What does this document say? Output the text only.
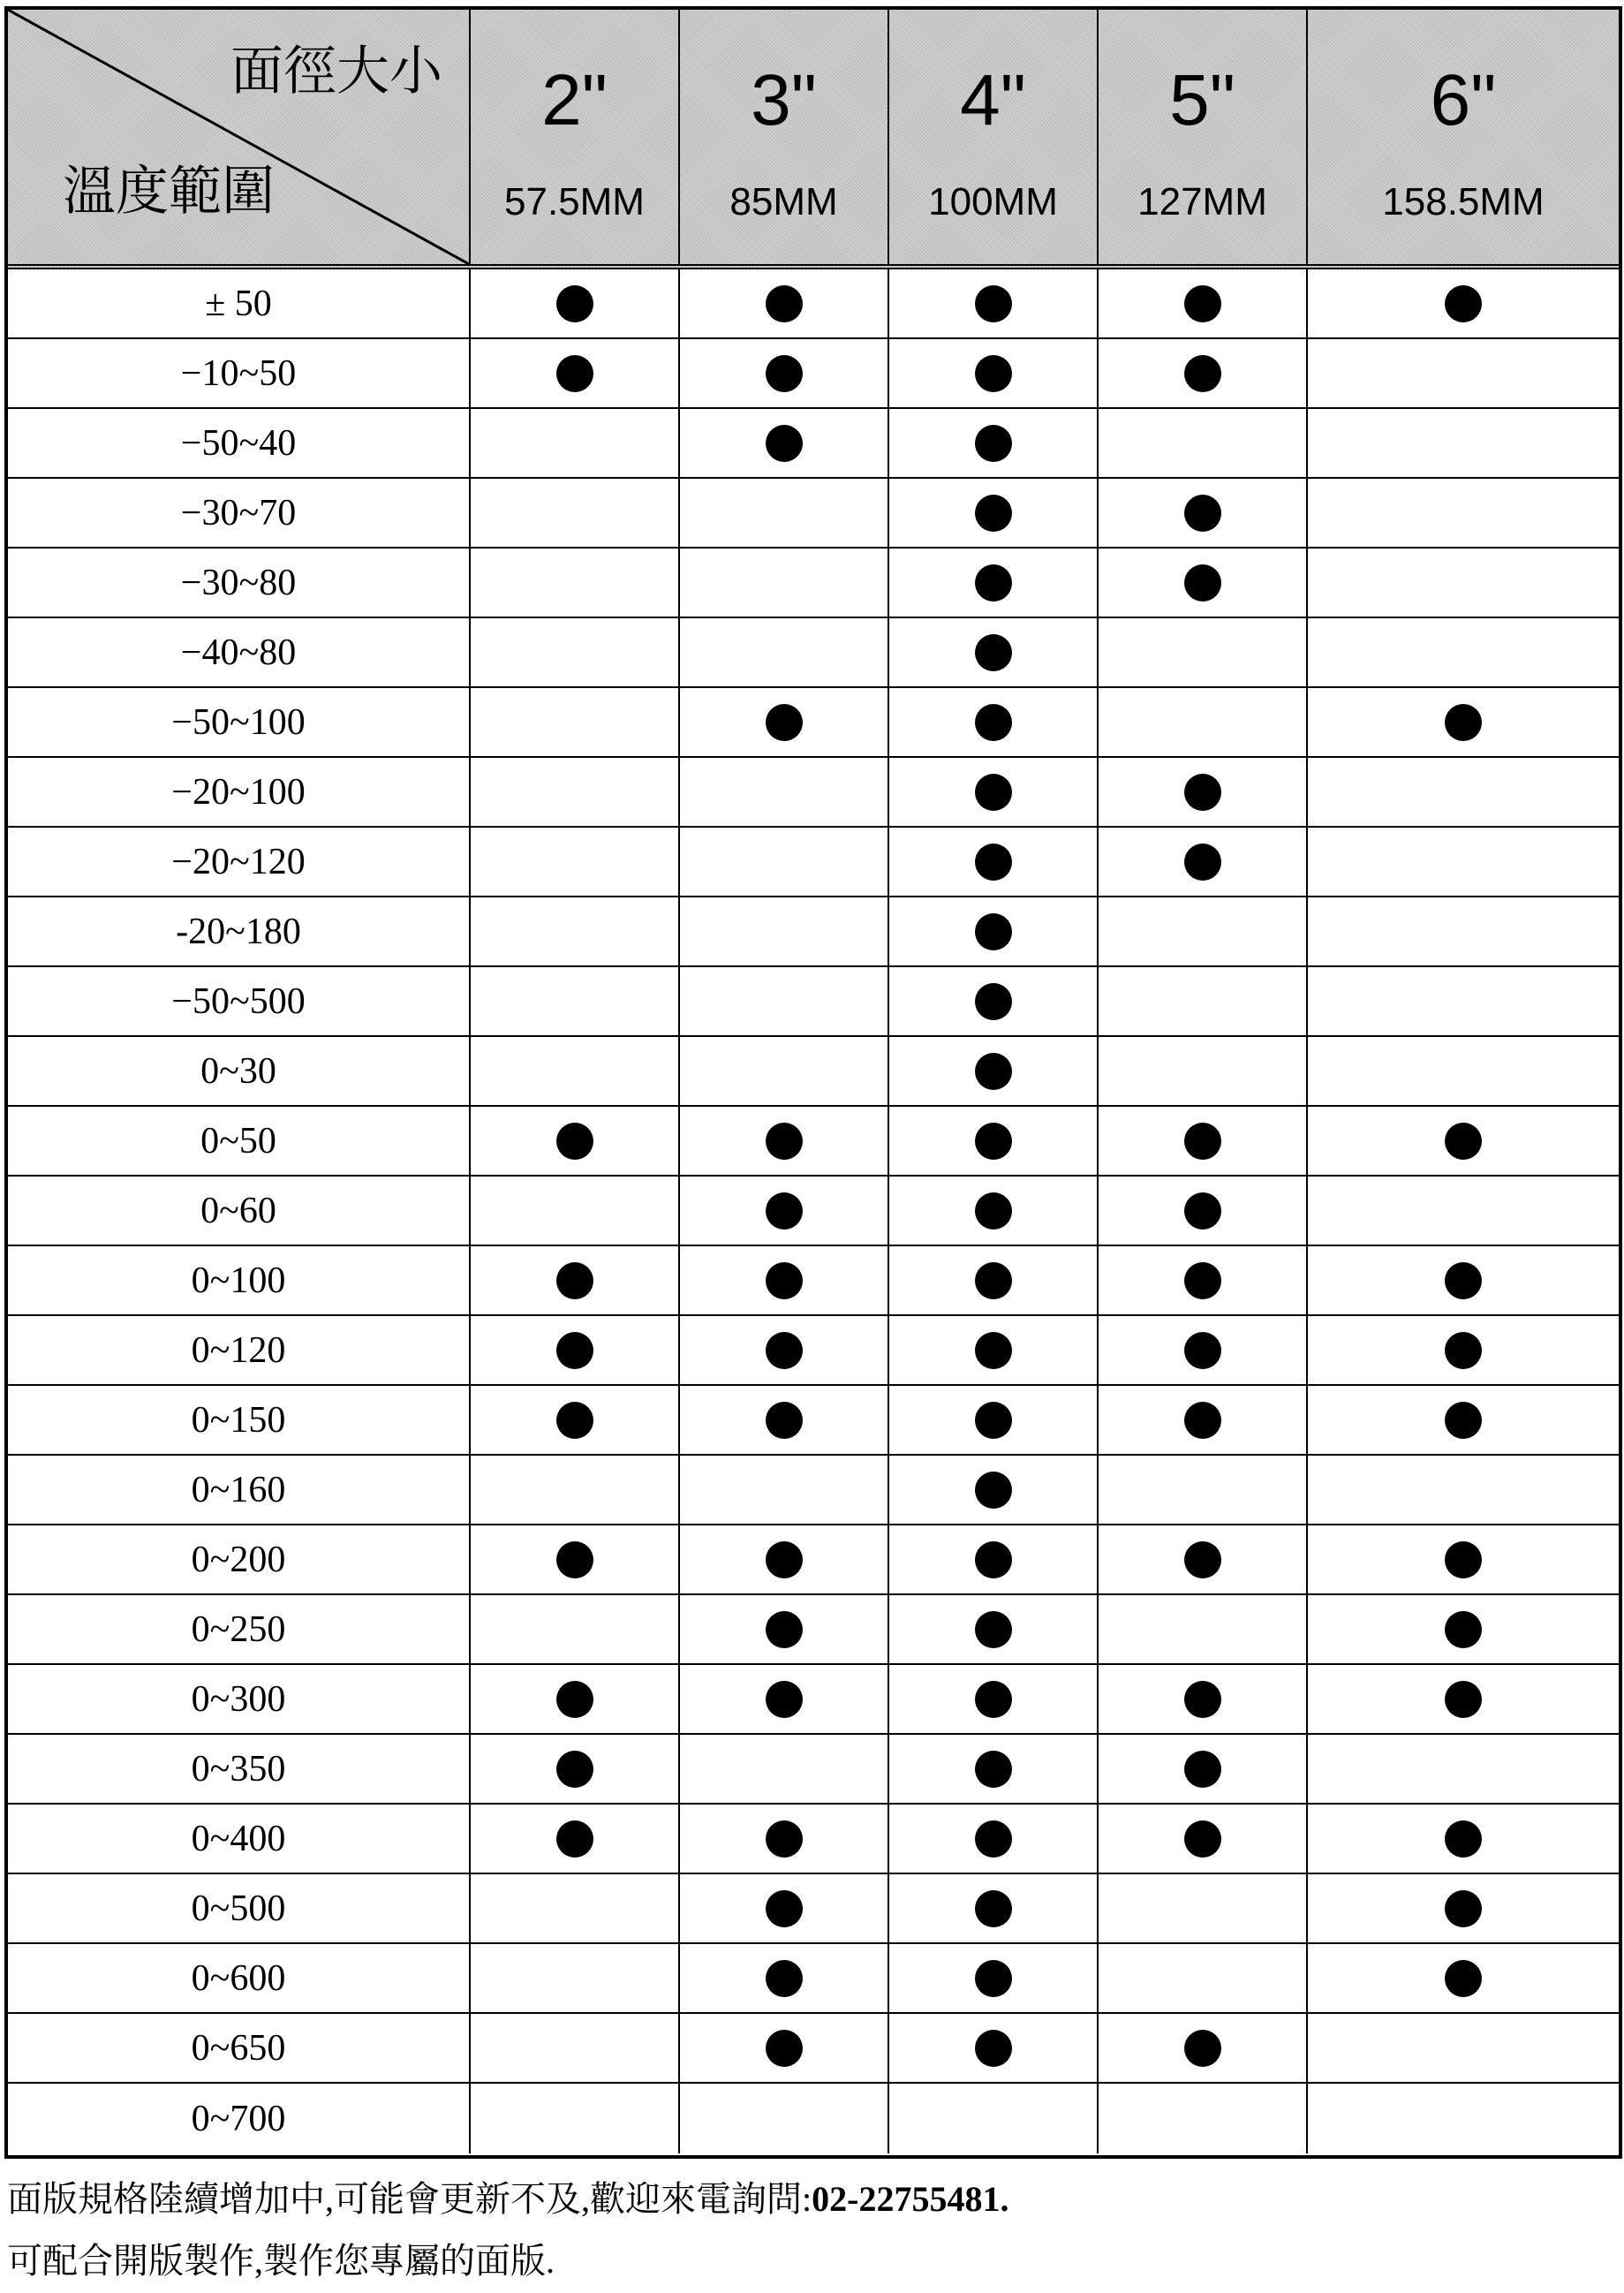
面徑大小
溫度範圍
2"
57.5MM
3"
85MM
4"
100MM
5"
127MM
6"
158.5MM
± 50
−10~50
−50~40
−30~70
−30~80
−40~80
−50~100
−20~100
−20~120
-20~180
−50~500
0~30
0~50
0~60
0~100
0~120
0~150
0~160
0~200
0~250
0~300
0~350
0~400
0~500
0~600
0~650
0~700
面版規格陸續增加中,可能會更新不及,歡迎來電詢問:02-22755481.
可配合開版製作,製作您專屬的面版.
